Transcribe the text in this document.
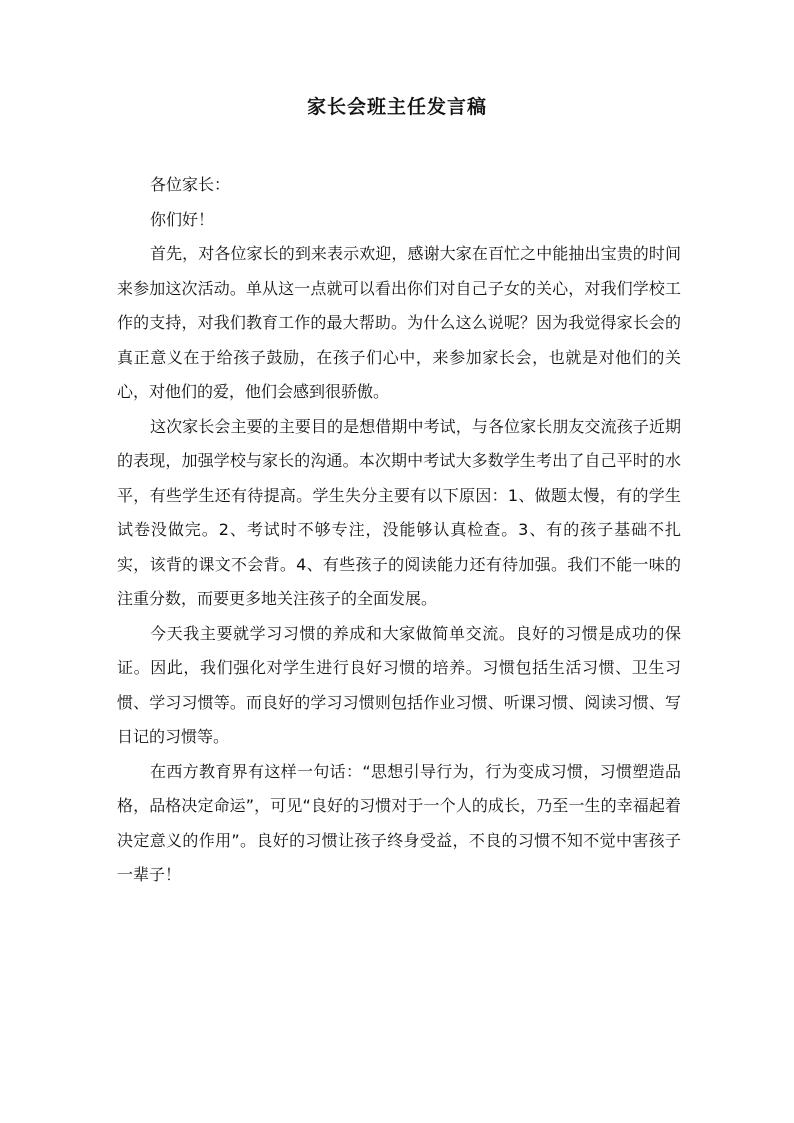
家长会班主任发言稿

各位家长：

你们好！

首先，对各位家长的到来表示欢迎，感谢大家在百忙之中能抽出宝贵的时间来参加这次活动。单从这一点就可以看出你们对自己子女的关心，对我们学校工作的支持，对我们教育工作的最大帮助。为什么这么说呢？因为我觉得家长会的真正意义在于给孩子鼓励，在孩子们心中，来参加家长会，也就是对他们的关心，对他们的爱，他们会感到很骄傲。

这次家长会主要的主要目的是想借期中考试，与各位家长朋友交流孩子近期的表现，加强学校与家长的沟通。本次期中考试大多数学生考出了自己平时的水平，有些学生还有待提高。学生失分主要有以下原因：1、做题太慢，有的学生试卷没做完。2、考试时不够专注，没能够认真检查。3、有的孩子基础不扎实，该背的课文不会背。4、有些孩子的阅读能力还有待加强。我们不能一味的注重分数，而要更多地关注孩子的全面发展。

今天我主要就学习习惯的养成和大家做简单交流。良好的习惯是成功的保证。因此，我们强化对学生进行良好习惯的培养。习惯包括生活习惯、卫生习惯、学习习惯等。而良好的学习习惯则包括作业习惯、听课习惯、阅读习惯、写日记的习惯等。

在西方教育界有这样一句话：“思想引导行为，行为变成习惯，习惯塑造品格，品格决定命运”，可见“良好的习惯对于一个人的成长，乃至一生的幸福起着决定意义的作用”。良好的习惯让孩子终身受益，不良的习惯不知不觉中害孩子一辈子！
